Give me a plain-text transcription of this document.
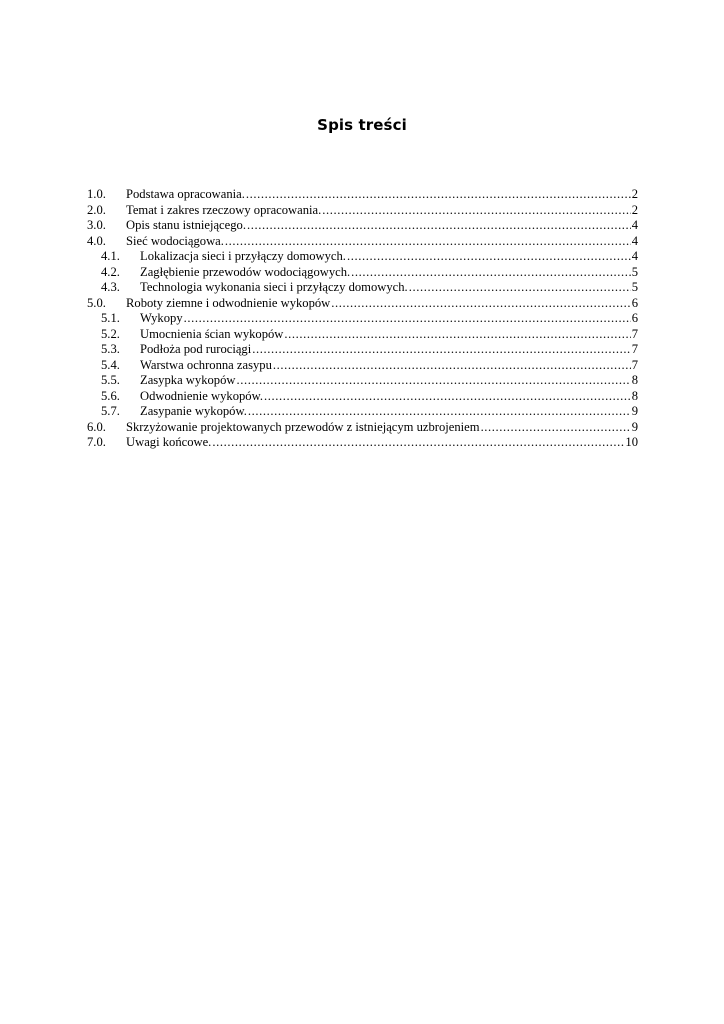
Spis treści
1.0.	Podstawa opracowania. .....	2
2.0.	Temat i zakres rzeczowy opracowania. .....	2
3.0.	Opis stanu istniejącego. .....	4
4.0.	Sieć wodociągowa. .....	4
4.1.	Lokalizacja sieci i przyłączy domowych. .....	4
4.2.	Zagłębienie przewodów wodociągowych. .....	5
4.3.	Technologia wykonania sieci i przyłączy domowych. .....	5
5.0.	Roboty ziemne i odwodnienie wykopów .....	6
5.1.	Wykopy .....	6
5.2.	Umocnienia ścian wykopów .....	7
5.3.	Podłoża pod rurociągi .....	7
5.4.	Warstwa ochronna zasypu .....	7
5.5.	Zasypka wykopów .....	8
5.6.	Odwodnienie wykopów. .....	8
5.7.	Zasypanie wykopów. .....	9
6.0.	Skrzyżowanie projektowanych przewodów z istniejącym uzbrojeniem .....	9
7.0.	Uwagi końcowe. .....	10
